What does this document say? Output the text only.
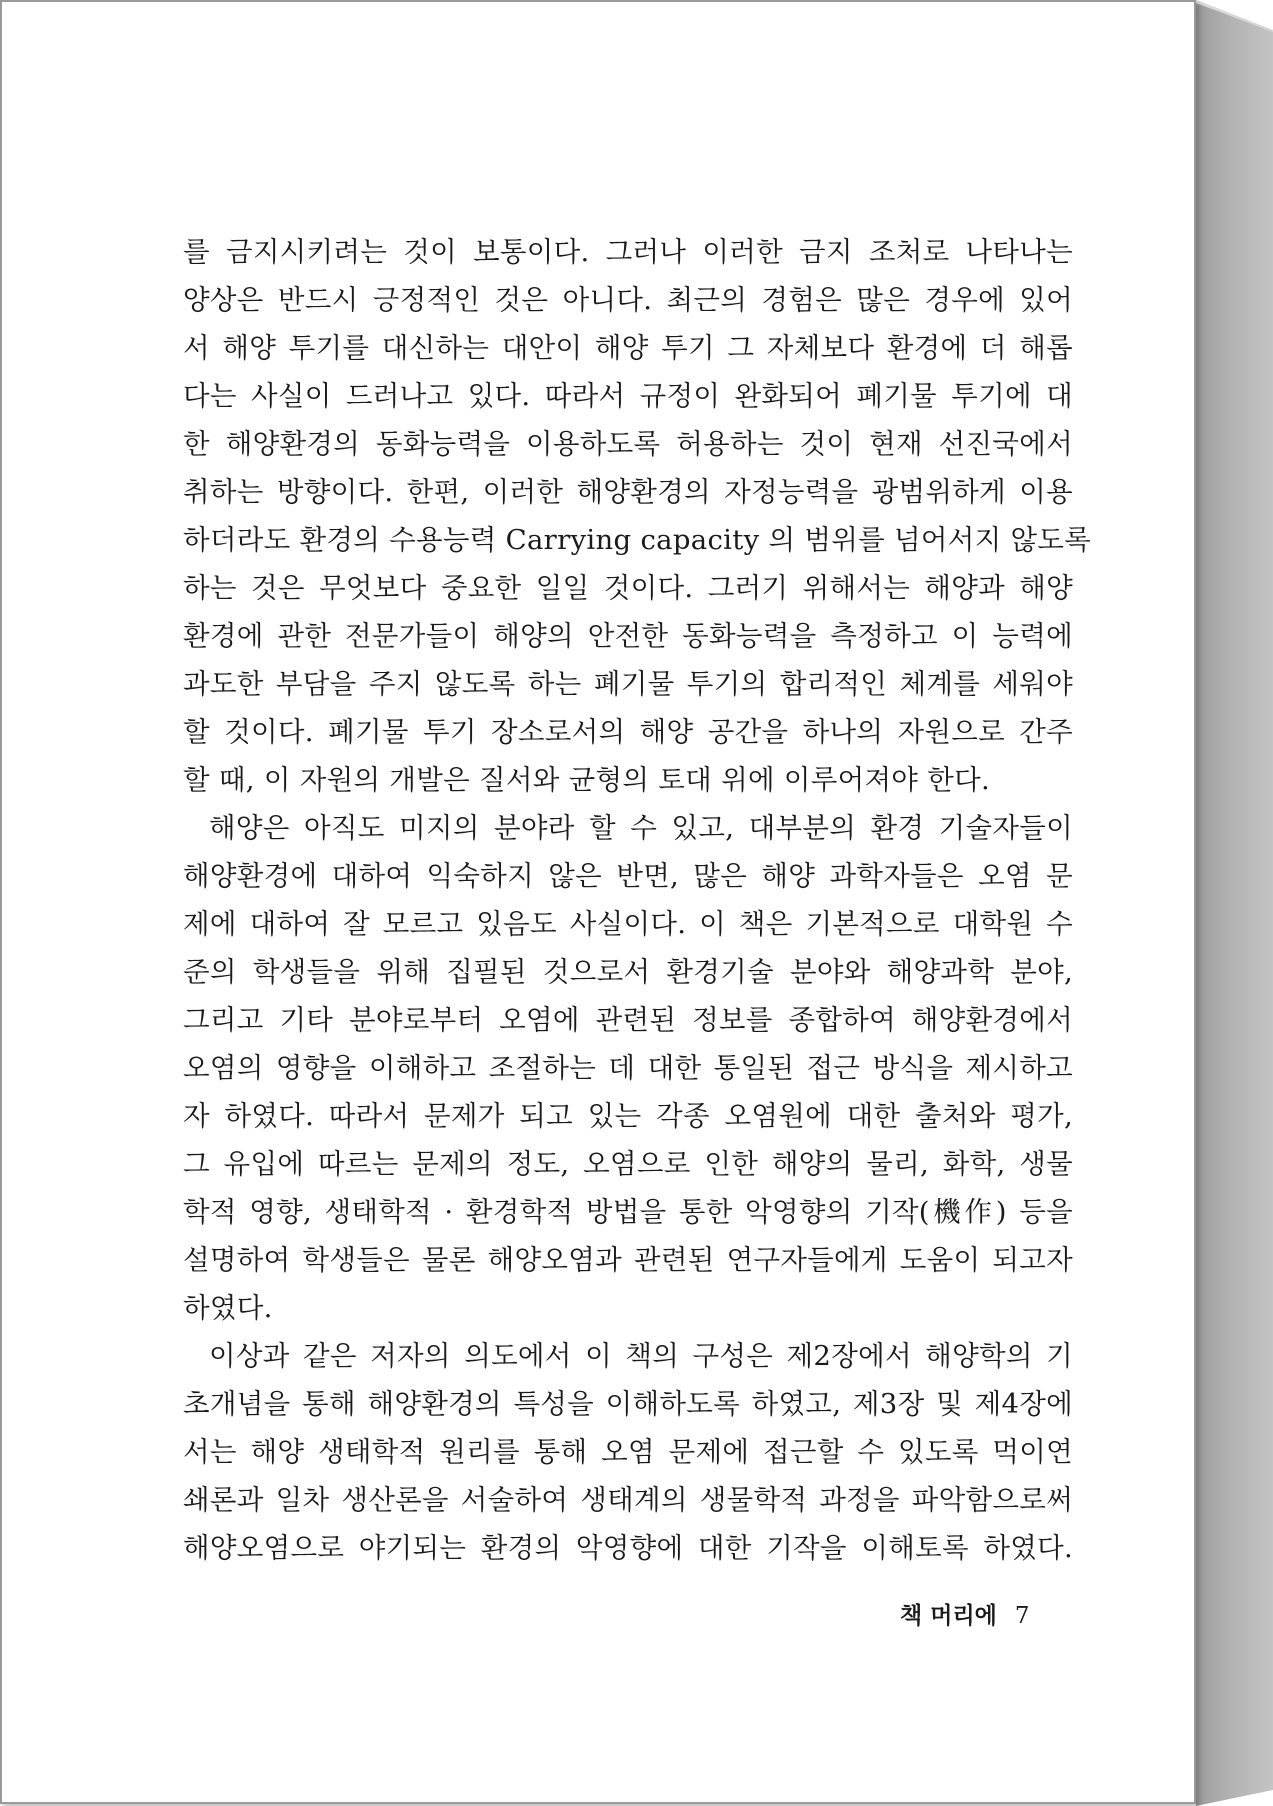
를 금지시키려는 것이 보통이다. 그러나 이러한 금지 조처로 나타나는
양상은 반드시 긍정적인 것은 아니다. 최근의 경험은 많은 경우에 있어
서 해양 투기를 대신하는 대안이 해양 투기 그 자체보다 환경에 더 해롭
다는 사실이 드러나고 있다. 따라서 규정이 완화되어 폐기물 투기에 대
한 해양환경의 동화능력을 이용하도록 허용하는 것이 현재 선진국에서
취하는 방향이다. 한편, 이러한 해양환경의 자정능력을 광범위하게 이용
하더라도 환경의 수용능력 Carrying capacity 의 범위를 넘어서지 않도록
하는 것은 무엇보다 중요한 일일 것이다. 그러기 위해서는 해양과 해양
환경에 관한 전문가들이 해양의 안전한 동화능력을 측정하고 이 능력에
과도한 부담을 주지 않도록 하는 폐기물 투기의 합리적인 체계를 세워야
할 것이다. 폐기물 투기 장소로서의 해양 공간을 하나의 자원으로 간주
할 때, 이 자원의 개발은 질서와 균형의 토대 위에 이루어져야 한다.
해양은 아직도 미지의 분야라 할 수 있고, 대부분의 환경 기술자들이
해양환경에 대하여 익숙하지 않은 반면, 많은 해양 과학자들은 오염 문
제에 대하여 잘 모르고 있음도 사실이다. 이 책은 기본적으로 대학원 수
준의 학생들을 위해 집필된 것으로서 환경기술 분야와 해양과학 분야,
그리고 기타 분야로부터 오염에 관련된 정보를 종합하여 해양환경에서
오염의 영향을 이해하고 조절하는 데 대한 통일된 접근 방식을 제시하고
자 하였다. 따라서 문제가 되고 있는 각종 오염원에 대한 출처와 평가,
그 유입에 따르는 문제의 정도, 오염으로 인한 해양의 물리, 화학, 생물
학적 영향, 생태학적 · 환경학적 방법을 통한 악영향의 기작(機作) 등을
설명하여 학생들은 물론 해양오염과 관련된 연구자들에게 도움이 되고자
하였다.
이상과 같은 저자의 의도에서 이 책의 구성은 제2장에서 해양학의 기
초개념을 통해 해양환경의 특성을 이해하도록 하였고, 제3장 및 제4장에
서는 해양 생태학적 원리를 통해 오염 문제에 접근할 수 있도록 먹이연
쇄론과 일차 생산론을 서술하여 생태계의 생물학적 과정을 파악함으로써
해양오염으로 야기되는 환경의 악영향에 대한 기작을 이해토록 하였다.
책 머리에 7
